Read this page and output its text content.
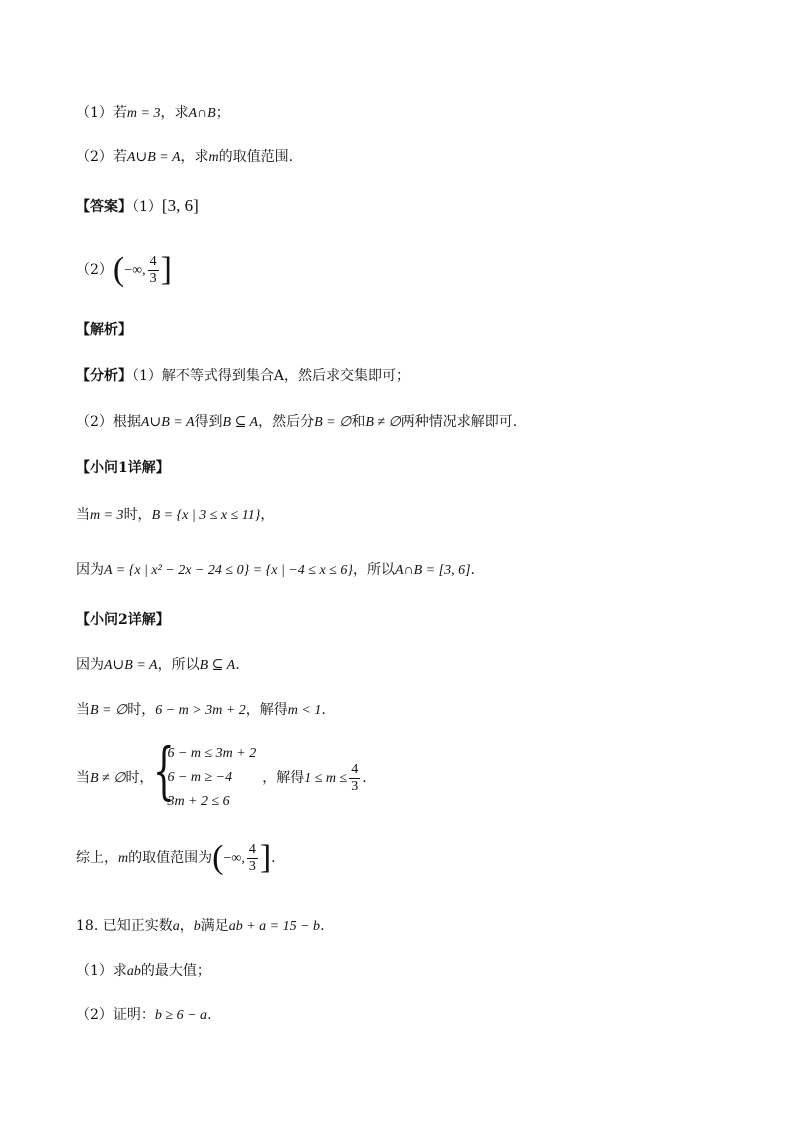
（1）若m = 3，求A∩B；
（2）若A∪B = A，求m的取值范围.
【答案】（1）[3, 6]
（2）(−∞, $\frac{4}{3}$ ]
【解析】
【分析】（1）解不等式得到集合A，然后求交集即可；
（2）根据A∪B = A得到B ⊆ A，然后分B = ∅和B ≠ ∅两种情况求解即可.
【小问1详解】
当m = 3时，B = {x | 3 ≤ x ≤ 11}，
因为A = {x | x² − 2x − 24 ≤ 0} = {x | −4 ≤ x ≤ 6}，所以A∩B = [3, 6].
【小问2详解】
因为A∪B = A，所以B ⊆ A.
当B = ∅时，6 − m > 3m + 2，解得m < 1.
当B ≠ ∅时， {
6 − m ≤ 3m + 2
6 − m ≥ −4
3m + 2 ≤ 6
，解得$1 \le m \le \frac{4}{3}$ .
综上，m的取值范围为(−∞, $\frac{4}{3}$ ].
18. 已知正实数a，b满足ab + a = 15 − b.
（1）求ab的最大值；
（2）证明：b ≥ 6 − a.
